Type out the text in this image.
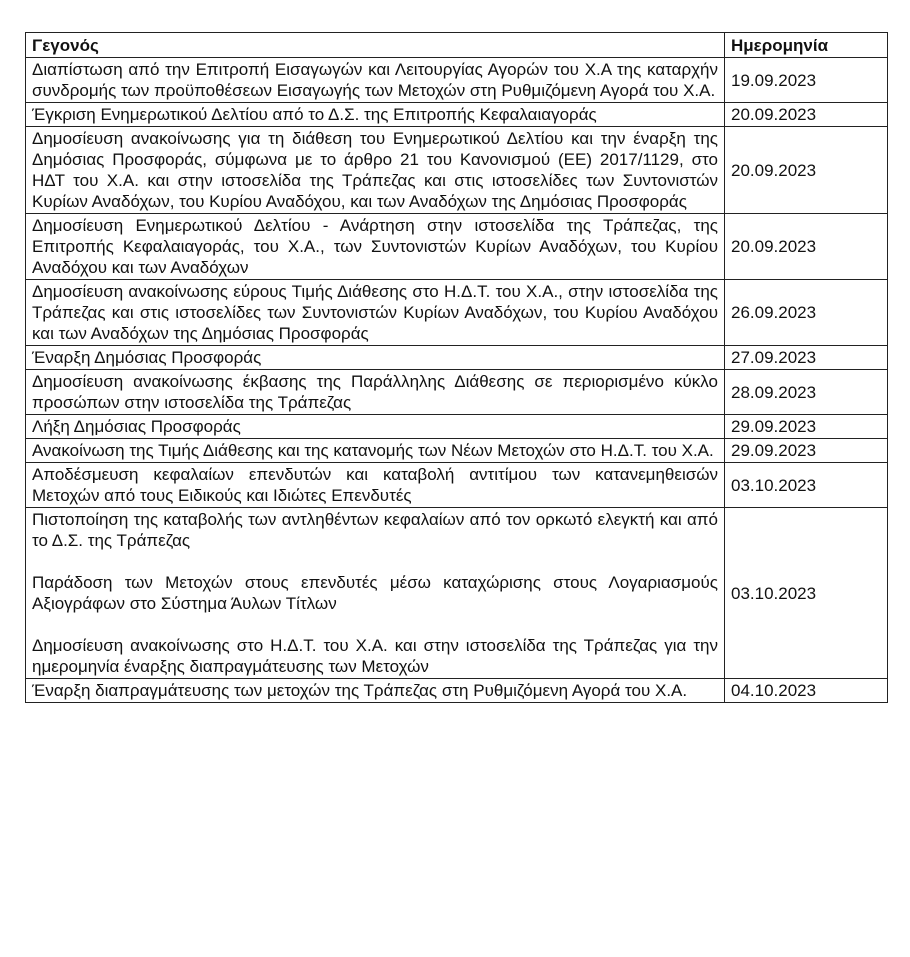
Γεγονός	Ημερομηνία

Διαπίστωση από την Επιτροπή Εισαγωγών και Λειτουργίας Αγορών του Χ.Α της καταρχήν συνδρομής των προϋποθέσεων Εισαγωγής των Μετοχών στη Ρυθμιζόμενη Αγορά του Χ.Α.	19.09.2023

Έγκριση Ενημερωτικού Δελτίου από το Δ.Σ. της Επιτροπής Κεφαλαιαγοράς	20.09.2023

Δημοσίευση ανακοίνωσης για τη διάθεση του Ενημερωτικού Δελτίου και την έναρξη της Δημόσιας Προσφοράς, σύμφωνα με το άρθρο 21 του Κανονισμού (ΕΕ) 2017/1129, στο ΗΔΤ του Χ.Α. και στην ιστοσελίδα της Τράπεζας και στις ιστοσελίδες των Συντονιστών Κυρίων Αναδόχων, του Κυρίου Αναδόχου, και των Αναδόχων της Δημόσιας Προσφοράς	20.09.2023

Δημοσίευση Ενημερωτικού Δελτίου - Ανάρτηση στην ιστοσελίδα της Τράπεζας, της Επιτροπής Κεφαλαιαγοράς, του Χ.Α., των Συντονιστών Κυρίων Αναδόχων, του Κυρίου Αναδόχου και των Αναδόχων	20.09.2023

Δημοσίευση ανακοίνωσης εύρους Τιμής Διάθεσης στο Η.Δ.Τ. του Χ.Α., στην ιστοσελίδα της Τράπεζας και στις ιστοσελίδες των Συντονιστών Κυρίων Αναδόχων, του Κυρίου Αναδόχου και των Αναδόχων της Δημόσιας Προσφοράς	26.09.2023

Έναρξη Δημόσιας Προσφοράς	27.09.2023

Δημοσίευση ανακοίνωσης έκβασης της Παράλληλης Διάθεσης σε περιορισμένο κύκλο προσώπων στην ιστοσελίδα της Τράπεζας	28.09.2023

Λήξη Δημόσιας Προσφοράς	29.09.2023

Ανακοίνωση της Τιμής Διάθεσης και της κατανομής των Νέων Μετοχών στο Η.Δ.Τ. του Χ.Α.	29.09.2023

Αποδέσμευση κεφαλαίων επενδυτών και καταβολή αντιτίμου των κατανεμηθεισών Μετοχών από τους Ειδικούς και Ιδιώτες Επενδυτές	03.10.2023

Πιστοποίηση της καταβολής των αντληθέντων κεφαλαίων από τον ορκωτό ελεγκτή και από το Δ.Σ. της Τράπεζας
Παράδοση των Μετοχών στους επενδυτές μέσω καταχώρισης στους Λογαριασμούς Αξιογράφων στο Σύστημα Άυλων Τίτλων
Δημοσίευση ανακοίνωσης στο Η.Δ.Τ. του Χ.Α. και στην ιστοσελίδα της Τράπεζας για την ημερομηνία έναρξης διαπραγμάτευσης των Μετοχών	03.10.2023

Έναρξη διαπραγμάτευσης των μετοχών της Τράπεζας στη Ρυθμιζόμενη Αγορά του Χ.Α.	04.10.2023
